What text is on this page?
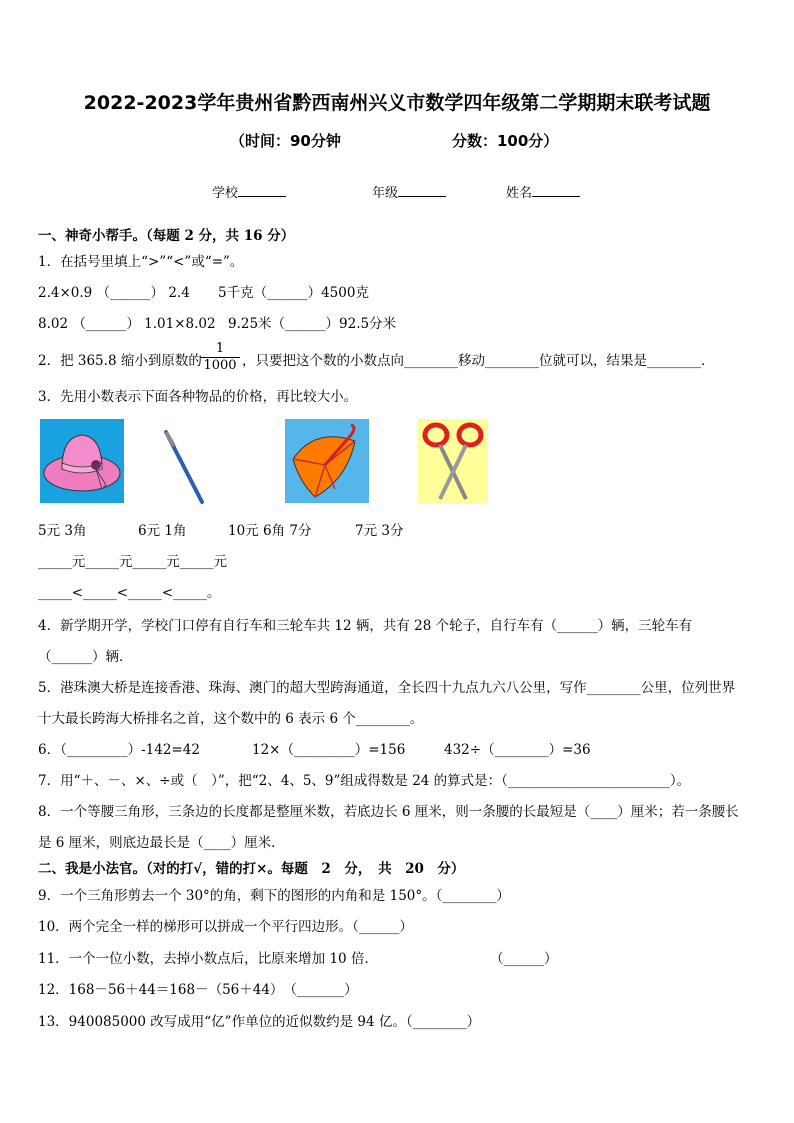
2022-2023学年贵州省黔西南州兴义市数学四年级第二学期期末联考试题
（时间：90分钟	分数：100分）
学校	年级	姓名
一、神奇小帮手。（每题 2 分，共 16 分）
1．在括号里填上“>”“<”或“=”。
2.4×0.9 （______） 2.4 5千克（______）4500克
8.02 （______） 1.01×8.02 9.25米（______）92.5分米
2．把 365.8 缩小到原数的
$\frac{1}{1000}$ ，只要把这个数的小数点向________移动________位就可以，结果是________．
3．先用小数表示下面各种物品的价格，再比较大小。
5元 3角	6元 1角	10元 6角 7分	7元 3分
_____元_____元_____元_____元
_____<_____<_____<_____。
4．新学期开学，学校门口停有自行车和三轮车共 12 辆，共有 28 个轮子，自行车有（______）辆，三轮车有
（______）辆．
5．港珠澳大桥是连接香港、珠海、澳门的超大型跨海通道，全长四十九点九六八公里，写作________公里，位列世界
十大最长跨海大桥排名之首，这个数中的 6 表示 6 个________。
6．（_________）-142=42	12×（_________）=156	432÷（________）=36
7．用“＋、－、×、÷或（　）”，把“2、4、5、9”组成得数是 24 的算式是：（________________________）。
8．一个等腰三角形，三条边的长度都是整厘米数，若底边长 6 厘米，则一条腰的长最短是（____）厘米；若一条腰长
是 6 厘米，则底边最长是（____）厘米．
二、我是小法官。（对的打√，错的打×。每题　2　分，　共　20　分）
9．一个三角形剪去一个 30°的角，剩下的图形的内角和是 150°。（________）
10．两个完全一样的梯形可以拼成一个平行四边形。（______）
11．一个一位小数，去掉小数点后，比原来增加 10 倍．	（______）
12．168－56＋44＝168－（56＋44）　（_______）
13．940085000 改写成用“亿”作单位的近似数约是 94 亿。（________）
